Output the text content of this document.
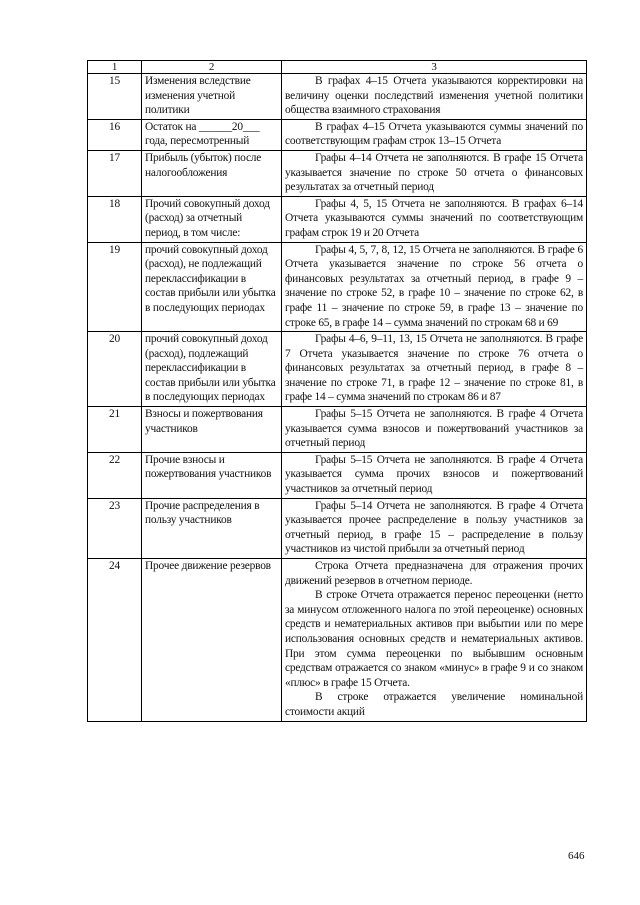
1	2	3
15	Изменения вследствие изменения учетной политики	В графах 4–15 Отчета указываются корректировки на величину оценки последствий изменения учетной политики общества взаимного страхования

16	Остаток на ______20___ года, пересмотренный	В графах 4–15 Отчета указываются суммы значений по соответствующим графам строк 13–15 Отчета

17	Прибыль (убыток) после налогообложения	Графы 4–14 Отчета не заполняются. В графе 15 Отчета указывается значение по строке 50 отчета о финансовых результатах за отчетный период

18	Прочий совокупный доход (расход) за отчетный период, в том числе:	Графы 4, 5, 15 Отчета не заполняются. В графах 6–14 Отчета указываются суммы значений по соответствующим графам строк 19 и 20 Отчета

19	прочий совокупный доход (расход), не подлежащий переклассификации в состав прибыли или убытка в последующих периодах	Графы 4, 5, 7, 8, 12, 15 Отчета не заполняются. В графе 6 Отчета указывается значение по строке 56 отчета о финансовых результатах за отчетный период, в графе 9 – значение по строке 52, в графе 10 – значение по строке 62, в графе 11 – значение по строке 59, в графе 13 – значение по строке 65, в графе 14 – сумма значений по строкам 68 и 69

20	прочий совокупный доход (расход), подлежащий переклассификации в состав прибыли или убытка в последующих периодах	Графы 4–6, 9–11, 13, 15 Отчета не заполняются. В графе 7 Отчета указывается значение по строке 76 отчета о финансовых результатах за отчетный период, в графе 8 – значение по строке 71, в графе 12 – значение по строке 81, в графе 14 – сумма значений по строкам 86 и 87

21	Взносы и пожертвования участников	Графы 5–15 Отчета не заполняются. В графе 4 Отчета указывается сумма взносов и пожертвований участников за отчетный период

22	Прочие взносы и пожертвования участников	Графы 5–15 Отчета не заполняются. В графе 4 Отчета указывается сумма прочих взносов и пожертвований участников за отчетный период

23	Прочие распределения в пользу участников	Графы 5–14 Отчета не заполняются. В графе 4 Отчета указывается прочее распределение в пользу участников за отчетный период, в графе 15 – распределение в пользу участников из чистой прибыли за отчетный период

24	Прочее движение резервов	Строка Отчета предназначена для отражения прочих движений резервов в отчетном периоде.

В строке Отчета отражается перенос переоценки (нетто за минусом отложенного налога по этой переоценке) основных средств и нематериальных активов при выбытии или по мере использования основных средств и нематериальных активов. При этом сумма переоценки по выбывшим основным средствам отражается со знаком «минус» в графе 9 и со знаком «плюс» в графе 15 Отчета.

В строке отражается увеличение номинальной стоимости акций

646
